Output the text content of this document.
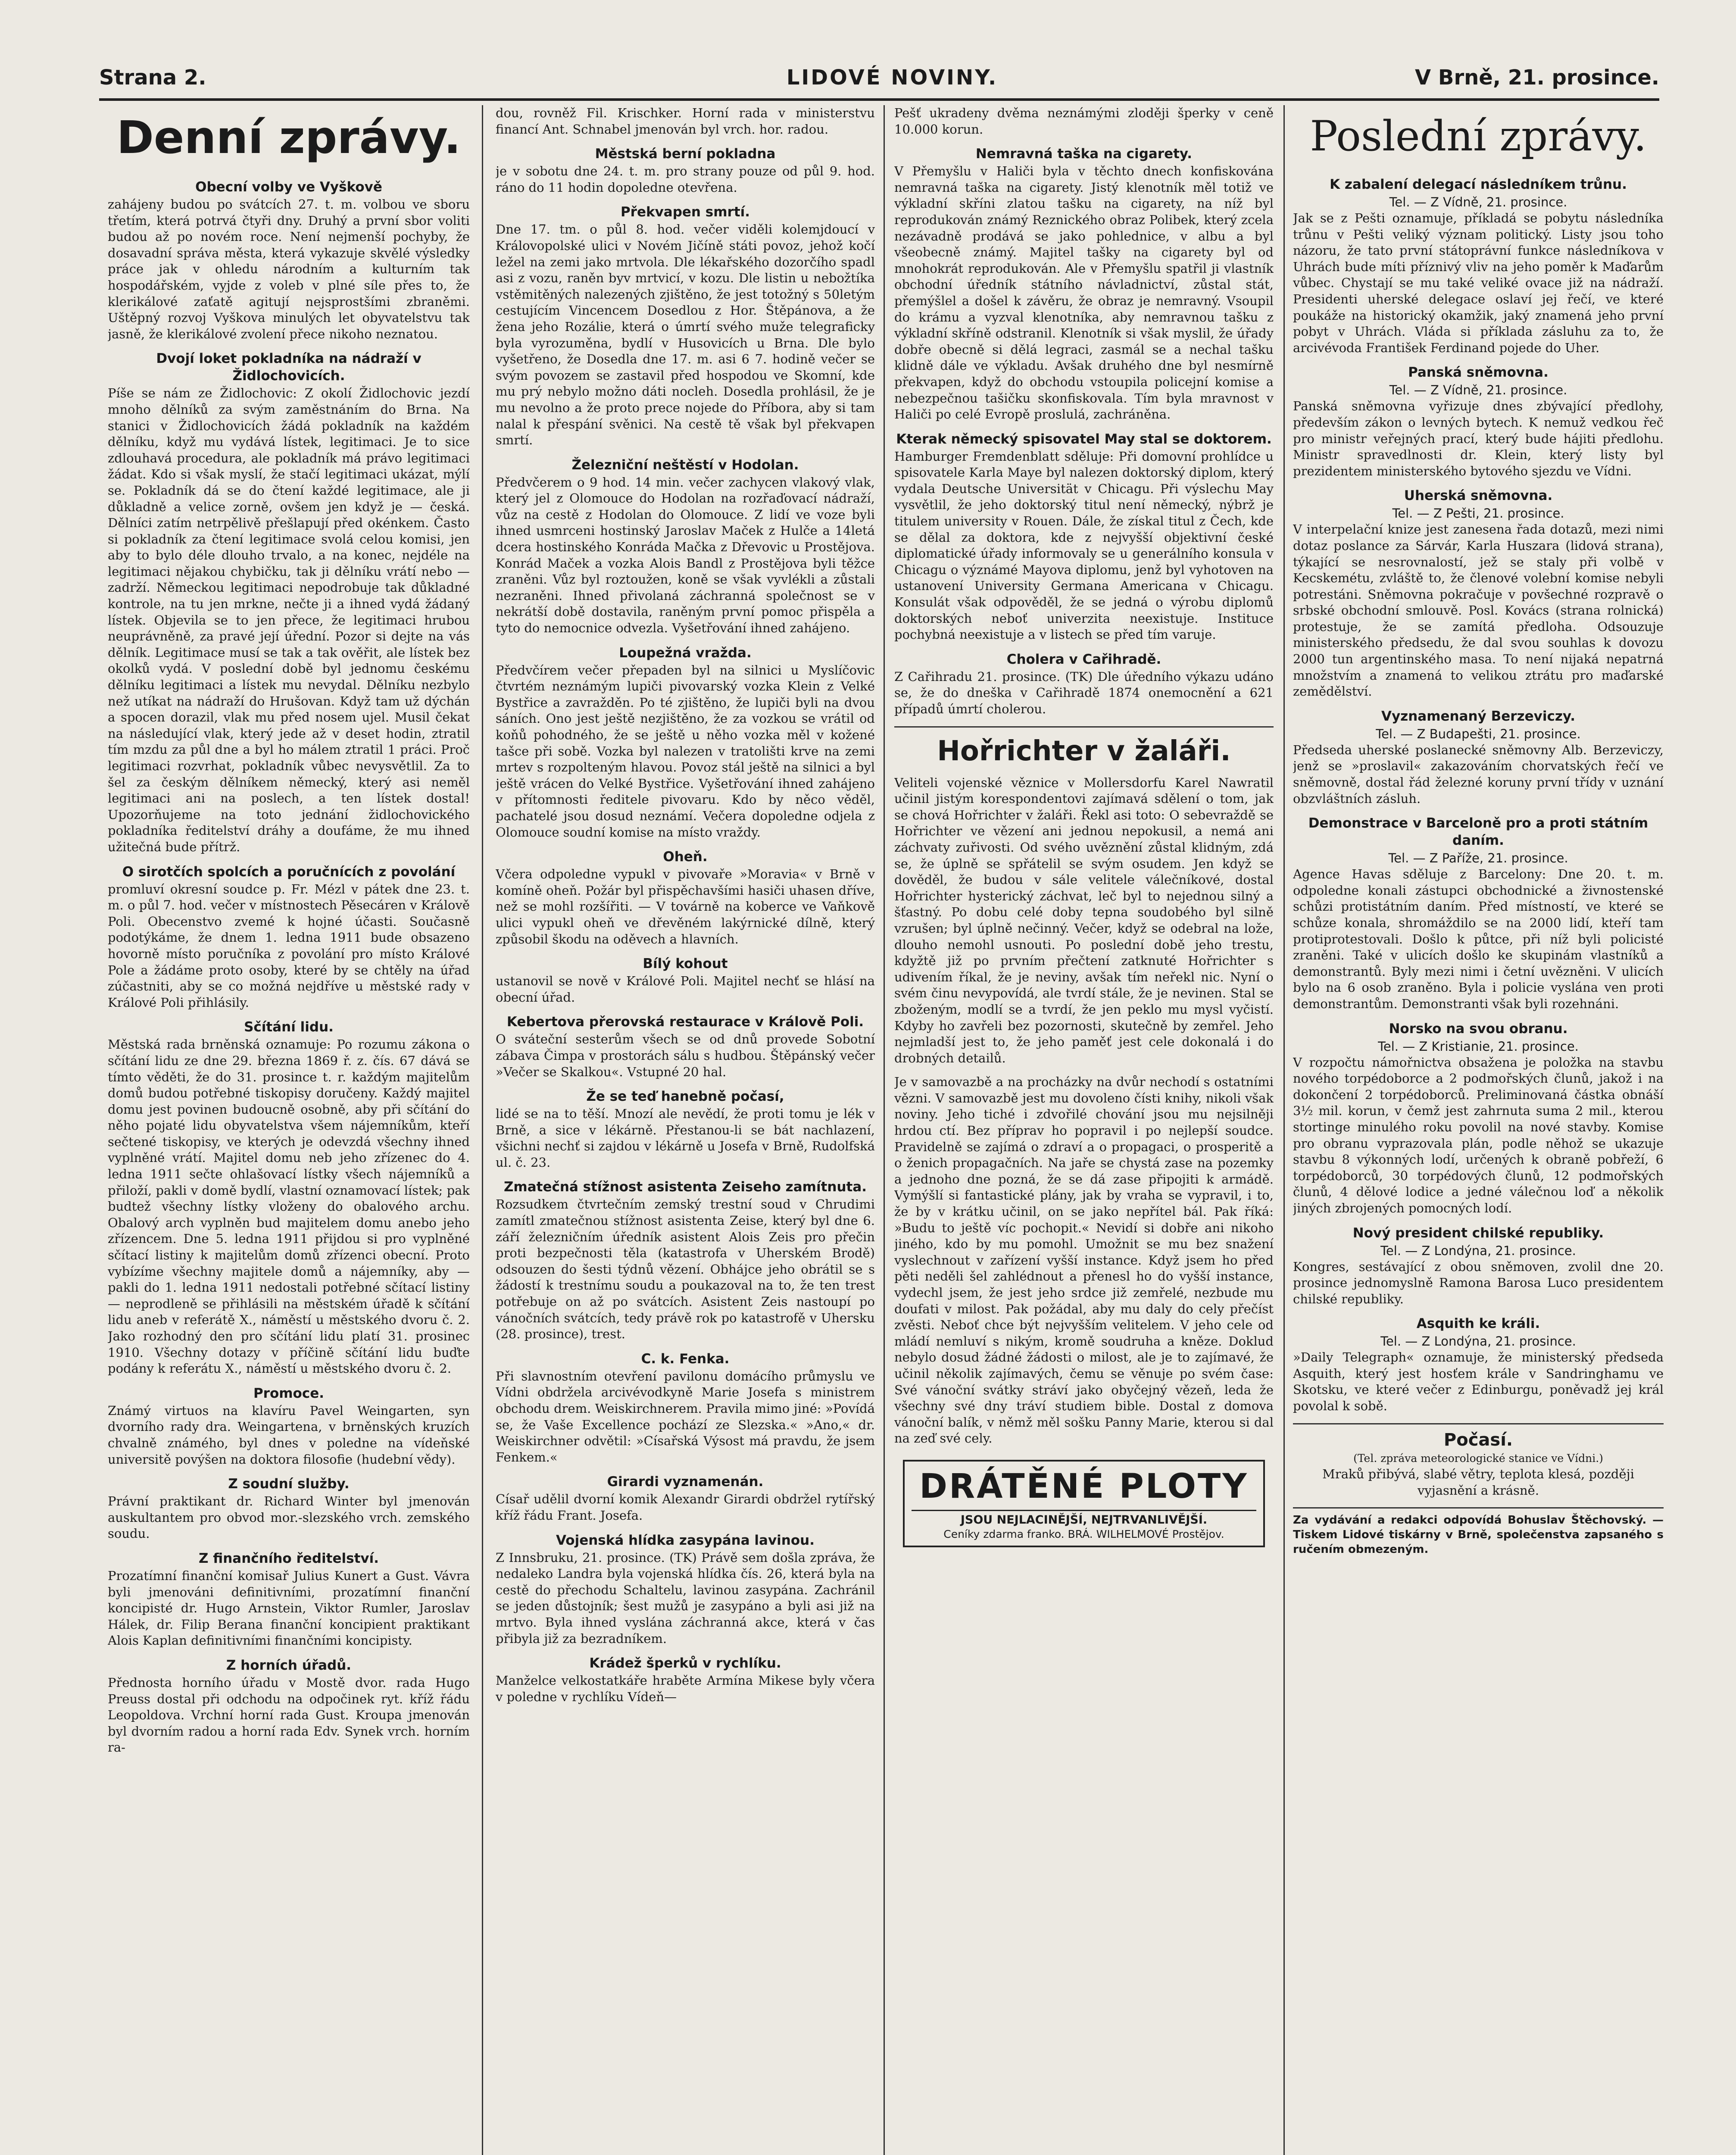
Strana 2.	LIDOVÉ NOVINY.	V Brně, 21. prosince.
Denní zprávy.
Obecní volby ve Vyškově
zahájeny budou po svátcích 27. t. m. volbou ve sboru třetím, která potrvá čtyři dny. Druhý a první sbor voliti budou až po novém roce. Není nejmenší pochyby, že dosavadní správa města, která vykazuje skvělé výsledky práce jak v ohledu národním a kulturním tak hospodářském, vyjde z voleb v plné síle přes to, že klerikálové zaťatě agitují nejsprostšími zbraněmi. Uštěpný rozvoj Vyškova minulých let obyvatelstvu tak jasně, že klerikálové zvolení přece nikoho neznatou.
Dvojí loket pokladníka na nádraží v Židlochovicích.
Píše se nám ze Židlochovic: Z okolí Židlochovic jezdí mnoho dělníků za svým zaměstnáním do Brna. Na stanici v Židlochovicích žádá pokladník na každém dělníku, když mu vydává lístek, legitimaci. Je to sice zdlouhavá procedura, ale pokladník má právo legitimaci žádat. Kdo si však myslí, že stačí legitimaci ukázat, mýlí se. Pokladník dá se do čtení každé legitimace, ale ji důkladně a velice zorně, ovšem jen když je — česká. Dělníci zatím netrpělivě přešlapují před okénkem. Často si pokladník za čtení legitimace svolá celou komisi, jen aby to bylo déle dlouho trvalo, a na konec, nejdéle na legitimaci nějakou chybičku, tak ji dělníku vrátí nebo — zadrží. Německou legitimaci nepodrobuje tak důkladné kontrole, na tu jen mrkne, nečte ji a ihned vydá žádaný lístek. Objevila se to jen přece, že legitimaci hrubou neuprávněně, za pravé její úřední. Pozor si dejte na vás dělník. Legitimace musí se tak a tak ověřit, ale lístek bez okolků vydá. V poslední době byl jednomu českému dělníku legitimaci a lístek mu nevydal. Dělníku nezbylo než utíkat na nádraží do Hrušovan. Když tam už dýchán a spocen dorazil, vlak mu před nosem ujel. Musil čekat na následující vlak, který jede až v deset hodin, ztratil tím mzdu za půl dne a byl ho málem ztratil 1 práci. Proč legitimaci rozvrhat, pokladník vůbec nevysvětlil. Za to šel za českým dělníkem německý, který asi neměl legitimaci ani na poslech, a ten lístek dostal! Upozorňujeme na toto jednání židlochovického pokladníka ředitelství dráhy a doufáme, že mu ihned užitečná bude přítrž.
O sirotčích spolcích a poručnících z povolání
promluví okresní soudce p. Fr. Mézl v pátek dne 23. t. m. o půl 7. hod. večer v místnostech Pěsecáren v Králově Poli. Obecenstvo zvemé k hojné účasti. Současně podotýkáme, že dnem 1. ledna 1911 bude obsazeno hovorně místo poručníka z povolání pro místo Králové Pole a žádáme proto osoby, které by se chtěly na úřad zúčastniti, aby se co možná nejdříve u městské rady v Králové Poli přihlásily.
Sčítání lidu.
Městská rada brněnská oznamuje: Po rozumu zákona o sčítání lidu ze dne 29. března 1869 ř. z. čís. 67 dává se tímto věděti, že do 31. prosince t. r. každým majitelům domů budou potřebné tiskopisy doručeny. Každý majitel domu jest povinen budoucně osobně, aby při sčítání do něho pojaté lidu obyvatelstva všem nájemníkům, kteří sečtené tiskopisy, ve kterých je odevzdá všechny ihned vyplněné vrátí. Majitel domu neb jeho zřízenec do 4. ledna 1911 sečte ohlašovací lístky všech nájemníků a přiloží, pakli v domě bydlí, vlastní oznamovací lístek; pak budtež všechny lístky vloženy do obalového archu. Obalový arch vyplněn bud majitelem domu anebo jeho zřízencem. Dne 5. ledna 1911 přijdou si pro vyplněné sčítací listiny k majitelům domů zřízenci obecní. Proto vybízíme všechny majitele domů a nájemníky, aby — pakli do 1. ledna 1911 nedostali potřebné sčítací listiny — neprodleně se přihlásili na městském úřadě k sčítání lidu aneb v referátě X., náměstí u městského dvoru č. 2. Jako rozhodný den pro sčítání lidu platí 31. prosinec 1910. Všechny dotazy v příčině sčítání lidu buďte podány k referátu X., náměstí u městského dvoru č. 2.
Promoce.
Známý virtuos na klavíru Pavel Weingarten, syn dvorního rady dra. Weingartena, v brněnských kruzích chvalně známého, byl dnes v poledne na vídeňské universitě povýšen na doktora filosofie (hudební vědy).
Z soudní služby.
Právní praktikant dr. Richard Winter byl jmenován auskultantem pro obvod mor.-slezského vrch. zemského soudu.
Z finančního ředitelství.
Prozatímní finanční komisař Julius Kunert a Gust. Vávra byli jmenováni definitivními, prozatímní finanční koncipisté dr. Hugo Arnstein, Viktor Rumler, Jaroslav Hálek, dr. Filip Berana finanční koncipient praktikant Alois Kaplan definitivními finančními koncipisty.
Z horních úřadů.
Přednosta horního úřadu v Mostě dvor. rada Hugo Preuss dostal při odchodu na odpočinek ryt. kříž řádu Leopoldova. Vrchní horní rada Gust. Kroupa jmenován byl dvorním radou a horní rada Edv. Synek vrch. horním ra-
dou, rovněž Fil. Krischker. Horní rada v ministerstvu financí Ant. Schnabel jmenován byl vrch. hor. radou.
Městská berní pokladna
je v sobotu dne 24. t. m. pro strany pouze od půl 9. hod. ráno do 11 hodin dopoledne otevřena.
Překvapen smrtí.
Dne 17. tm. o půl 8. hod. večer viděli kolemjdoucí v Královopolské ulici v Novém Jičíně státi povoz, jehož kočí ležel na zemi jako mrtvola. Dle lékařského dozorčího spadl asi z vozu, raněn byv mrtvicí, v kozu. Dle listin u nebožtíka vstěmitěných nalezených zjištěno, že jest totožný s 50letým cestujícím Vincencem Dosedlou z Hor. Štěpánova, a že žena jeho Rozálie, která o úmrtí svého muže telegraficky byla vyrozuměna, bydlí v Husovicích u Brna. Dle bylo vyšetřeno, že Dosedla dne 17. m. asi 6 7. hodině večer se svým povozem se zastavil před hospodou ve Skomní, kde mu prý nebylo možno dáti nocleh. Dosedla prohlásil, že je mu nevolno a že proto prece nojede do Příbora, aby si tam nalal k přespání svěnici. Na cestě tě však byl překvapen smrtí.
Železniční neštěstí v Hodolan.
Předvčerem o 9 hod. 14 min. večer zachycen vlakový vlak, který jel z Olomouce do Hodolan na rozřaďovací nádraží, vůz na cestě z Hodolan do Olomouce. Z lidí ve voze byli ihned usmrceni hostinský Jaroslav Maček z Hulče a 14letá dcera hostinského Konráda Mačka z Dřevovic u Prostějova. Konrád Maček a vozka Alois Bandl z Prostějova byli těžce zraněni. Vůz byl roztoužen, koně se však vyvlékli a zůstali nezraněni. Ihned přivolaná záchranná společnost se v nekrátší době dostavila, raněným první pomoc přispěla a tyto do nemocnice odvezla. Vyšetřování ihned zahájeno.
Loupežná vražda.
Předvčírem večer přepaden byl na silnici u Myslíčovic čtvrtém neznámým lupiči pivovarský vozka Klein z Velké Bystřice a zavražděn. Po té zjištěno, že lupiči byli na dvou sáních. Ono jest ještě nezjištěno, že za vozkou se vrátil od koňů pohodného, že se ještě u něho vozka měl v kožené tašce při sobě. Vozka byl nalezen v tratolišti krve na zemi mrtev s rozpolteným hlavou. Povoz stál ještě na silnici a byl ještě vrácen do Velké Bystřice. Vyšetřování ihned zahájeno v přítomnosti ředitele pivovaru. Kdo by něco věděl, pachatelé jsou dosud neznámí. Večera dopoledne odjela z Olomouce soudní komise na místo vraždy.
Oheň.
Včera odpoledne vypukl v pivovaře »Moravia« v Brně v komíně oheň. Požár byl přispěchavšími hasiči uhasen dříve, než se mohl rozšířiti. — V továrně na koberce ve Vaňkově ulici vypukl oheň ve dřevěném lakýrnické dílně, který způsobil škodu na oděvech a hlavních.
Bílý kohout
ustanovil se nově v Králové Poli. Majitel nechť se hlásí na obecní úřad.
Kebertova přerovská restaurace v Králově Poli.
O sváteční sesterům všech se od dnů provede Sobotní zábava Čimpa v prostorách sálu s hudbou. Štěpánský večer »Večer se Skalkou«. Vstupné 20 hal.
Že se teď hanebně počasí,
lidé se na to těší. Mnozí ale nevědí, že proti tomu je lék v Brně, a sice v lékárně. Přestanou-li se bát nachlazení, všichni nechť si zajdou v lékárně u Josefa v Brně, Rudolfská ul. č. 23.
Zmatečná stížnost asistenta Zeiseho zamítnuta.
Rozsudkem čtvrtečním zemský trestní soud v Chrudimi zamítl zmatečnou stížnost asistenta Zeise, který byl dne 6. září železničním úředník asistent Alois Zeis pro přečin proti bezpečnosti těla (katastrofa v Uherském Brodě) odsouzen do šesti týdnů vězení. Obhájce jeho obrátil se s žádostí k trestnímu soudu a poukazoval na to, že ten trest potřebuje on až po svátcích. Asistent Zeis nastoupí po vánočních svátcích, tedy právě rok po katastrofě v Uhersku (28. prosince), trest.
C. k. Fenka.
Při slavnostním otevření pavilonu domácího průmyslu ve Vídni obdržela arcivévodkyně Marie Josefa s ministrem obchodu drem. Weiskirchnerem. Pravila mimo jiné: »Povídá se, že Vaše Excellence pochází ze Slezska.« »Ano,« dr. Weiskirchner odvětil: »Císařská Výsost má pravdu, že jsem Fenkem.«
Girardi vyznamenán.
Císař udělil dvorní komik Alexandr Girardi obdržel rytířský kříž řádu Frant. Josefa.
Vojenská hlídka zasypána lavinou.
Z Innsbruku, 21. prosince. (TK) Právě sem došla zpráva, že nedaleko Landra byla vojenská hlídka čís. 26, která byla na cestě do přechodu Schaltelu, lavinou zasypána. Zachránil se jeden důstojník; šest mužů je zasypáno a byli asi již na mrtvo. Byla ihned vyslána záchranná akce, která v čas přibyla již za bezradníkem.
Krádež šperků v rychlíku.
Manželce velkostatkáře hraběte Armína Mikese byly včera v poledne v rychlíku Vídeň—
Pešť ukradeny dvěma neznámými zloději šperky v ceně 10.000 korun.
Nemravná taška na cigarety.
V Přemyšlu v Haliči byla v těchto dnech konfiskována nemravná taška na cigarety. Jistý klenotník měl totiž ve výkladní skříni zlatou tašku na cigarety, na níž byl reprodukován známý Reznického obraz Polibek, který zcela nezávadně prodává se jako pohlednice, v albu a byl všeobecně známý. Majitel tašky na cigarety byl od mnohokrát reprodukován. Ale v Přemyšlu spatřil ji vlastník obchodní úředník státního návladnictví, zůstal stát, přemýšlel a došel k závěru, že obraz je nemravný. Vsoupil do krámu a vyzval klenotníka, aby nemravnou tašku z výkladní skříně odstranil. Klenotník si však myslil, že úřady dobře obecně si dělá legraci, zasmál se a nechal tašku klidně dále ve výkladu. Avšak druhého dne byl nesmírně překvapen, když do obchodu vstoupila policejní komise a nebezpečnou tašičku skonfiskovala. Tím byla mravnost v Haliči po celé Evropě proslulá, zachráněna.
Kterak německý spisovatel May stal se doktorem.
Hamburger Fremdenblatt sděluje: Při domovní prohlídce u spisovatele Karla Maye byl nalezen doktorský diplom, který vydala Deutsche Universität v Chicagu. Při výslechu May vysvětlil, že jeho doktorský titul není německý, nýbrž je titulem university v Rouen. Dále, že získal titul z Čech, kde se dělal za doktora, kde z nejvyšší objektivní české diplomatické úřady informovaly se u generálního konsula v Chicagu o význámé Mayova diplomu, jenž byl vyhotoven na ustanovení University Germana Americana v Chicagu. Konsulát však odpověděl, že se jedná o výrobu diplomů doktorských neboť univerzita neexistuje. Instituce pochybná neexistuje a v listech se před tím varuje.
Cholera v Cařihradě.
Z Cařihradu 21. prosince. (TK) Dle úředního výkazu udáno se, že do dneška v Cařihradě 1874 onemocnění a 621 případů úmrtí cholerou.
Hořrichter v žaláři.
Veliteli vojenské věznice v Mollersdorfu Karel Nawratil učinil jistým korespondentovi zajímavá sdělení o tom, jak se chová Hořrichter v žaláři. Řekl asi toto: O sebevraždě se Hořrichter ve vězení ani jednou nepokusil, a nemá ani záchvaty zuřivosti. Od svého uvěznění zůstal klidným, zdá se, že úplně se spřátelil se svým osudem. Jen když se dověděl, že budou v sále velitele válečníkové, dostal Hořrichter hysterický záchvat, leč byl to nejednou silný a šťastný. Po dobu celé doby tepna soudobého byl silně vzrušen; byl úplně nečinný. Večer, když se odebral na lože, dlouho nemohl usnouti. Po poslední době jeho trestu, kdyžtě již po prvním přečtení zatknuté Hořrichter s udivením říkal, že je neviny, avšak tím neřekl nic. Nyní o svém činu nevypovídá, ale tvrdí stále, že je nevinen. Stal se zboženým, modlí se a tvrdí, že jen peklo mu mysl vyčistí. Kdyby ho zavřeli bez pozornosti, skutečně by zemřel. Jeho nejmladší jest to, že jeho paměť jest cele dokonalá i do drobných detailů.
Je v samovazbě a na procházky na dvůr nechodí s ostatními vězni. V samovazbě jest mu dovoleno čísti knihy, nikoli však noviny. Jeho tiché i zdvořilé chování jsou mu nejsilněji hrdou ctí. Bez příprav ho popravil i po nejlepší soudce. Pravidelně se zajímá o zdraví a o propagaci, o prosperitě a o ženich propagačních. Na jaře se chystá zase na pozemky a jednoho dne pozná, že se dá zase připojiti k armádě. Vymýšlí si fantastické plány, jak by vraha se vypravil, i to, že by v krátku učinil, on se jako nepřítel bál. Pak říká: »Budu to ještě víc pochopit.« Nevidí si dobře ani nikoho jiného, kdo by mu pomohl. Umožnit se mu bez snažení vyslechnout v zařízení vyšší instance. Když jsem ho před pěti neděli šel zahlédnout a přenesl ho do vyšší instance, vydechl jsem, že jest jeho srdce již zemřelé, nezbude mu doufati v milost. Pak požádal, aby mu daly do cely přečíst zvěsti. Neboť chce být nejvyšším velitelem. V jeho cele od mládí nemluví s nikým, kromě soudruha a kněze. Doklud nebylo dosud žádné žádosti o milost, ale je to zajímavé, že učinil několik zajímavých, čemu se věnuje po svém čase: Své vánoční svátky stráví jako obyčejný vězeň, leda že všechny své dny tráví studiem bible. Dostal z domova vánoční balík, v němž měl sošku Panny Marie, kterou si dal na zeď své cely.
DRÁTĚNÉ PLOTY
JSOU NEJLACINĚJŠÍ, NEJTRVANLIVĚJŠÍ.
Ceníky zdarma franko. BRÁ. WILHELMOVÉ Prostějov.
Poslední zprávy.
K zabalení delegací následníkem trůnu.
Tel. — Z Vídně, 21. prosince.
Jak se z Pešti oznamuje, příkladá se pobytu následníka trůnu v Pešti veliký význam politický. Listy jsou toho názoru, že tato první státoprávní funkce následníkova v Uhrách bude míti příznivý vliv na jeho poměr k Maďarům vůbec. Chystají se mu také veliké ovace již na nádraží. Presidenti uherské delegace oslaví jej řečí, ve které poukáže na historický okamžik, jaký znamená jeho první pobyt v Uhrách. Vláda si příklada zásluhu za to, že arcivévoda František Ferdinand pojede do Uher.
Panská sněmovna.
Tel. — Z Vídně, 21. prosince.
Panská sněmovna vyřizuje dnes zbývající předlohy, především zákon o levných bytech. K nemuž vedkou řeč pro ministr veřejných prací, který bude hájiti předlohu. Ministr spravedlnosti dr. Klein, který listy byl prezidentem ministerského bytového sjezdu ve Vídni.
Uherská sněmovna.
Tel. — Z Pešti, 21. prosince.
V interpelační knize jest zanesena řada dotazů, mezi nimi dotaz poslance za Sárvár, Karla Huszara (lidová strana), týkající se nesrovnalostí, jež se staly při volbě v Kecskemétu, zvláště to, že členové volební komise nebyli potrestáni. Sněmovna pokračuje v povšechné rozpravě o srbské obchodní smlouvě. Posl. Kovács (strana rolnická) protestuje, že se zamítá předloha. Odsouzuje ministerského předsedu, že dal svou souhlas k dovozu 2000 tun argentinského masa. To není nijaká nepatrná množstvím a znamená to velikou ztrátu pro maďarské zemědělství.
Vyznamenaný Berzeviczy.
Tel. — Z Budapešti, 21. prosince.
Předseda uherské poslanecké sněmovny Alb. Berzeviczy, jenž se »proslavil« zakazováním chorvatských řečí ve sněmovně, dostal řád železné koruny první třídy v uznání obzvláštních zásluh.
Demonstrace v Barceloně pro a proti státním daním.
Tel. — Z Paříže, 21. prosince.
Agence Havas sděluje z Barcelony: Dne 20. t. m. odpoledne konali zástupci obchodnické a živnostenské schůzi protistátním daním. Před místností, ve které se schůze konala, shromáždilo se na 2000 lidí, kteří tam protiprotestovali. Došlo k půtce, při níž byli policisté zraněni. Také v ulicích došlo ke skupinám vlastníků a demonstrantů. Byly mezi nimi i četní uvězněni. V ulicích bylo na 6 osob zraněno. Byla i policie vyslána ven proti demonstrantům. Demonstranti však byli rozehnáni.
Norsko na svou obranu.
Tel. — Z Kristianie, 21. prosince.
V rozpočtu námořnictva obsažena je položka na stavbu nového torpédoborce a 2 podmořských člunů, jakož i na dokončení 2 torpédoborců. Preliminovaná částka obnáší 3½ mil. korun, v čemž jest zahrnuta suma 2 mil., kterou stortinge minulého roku povolil na nové stavby. Komise pro obranu vyprazovala plán, podle něhož se ukazuje stavbu 8 výkonných lodí, určených k obraně pobřeží, 6 torpédoborců, 30 torpédových člunů, 12 podmořských člunů, 4 dělové lodice a jedné válečnou loď a několik jiných zbrojených pomocných lodí.
Nový president chilské republiky.
Tel. — Z Londýna, 21. prosince.
Kongres, sestávající z obou sněmoven, zvolil dne 20. prosince jednomyslně Ramona Barosa Luco presidentem chilské republiky.
Asquith ke králi.
Tel. — Z Londýna, 21. prosince.
»Daily Telegraph« oznamuje, že ministerský předseda Asquith, který jest hosťem krále v Sandringhamu ve Skotsku, ve které večer z Edinburgu, poněvadž jej král povolal k sobě.
Počasí.
(Tel. zpráva meteorologické stanice ve Vídni.)
Mraků přibývá, slabé větry, teplota klesá, později vyjasnění a krásně.
Za vydávání a redakci odpovídá Bohuslav Štěchovský. — Tiskem Lidové tiskárny v Brně, společenstva zapsaného s ručením obmezeným.
